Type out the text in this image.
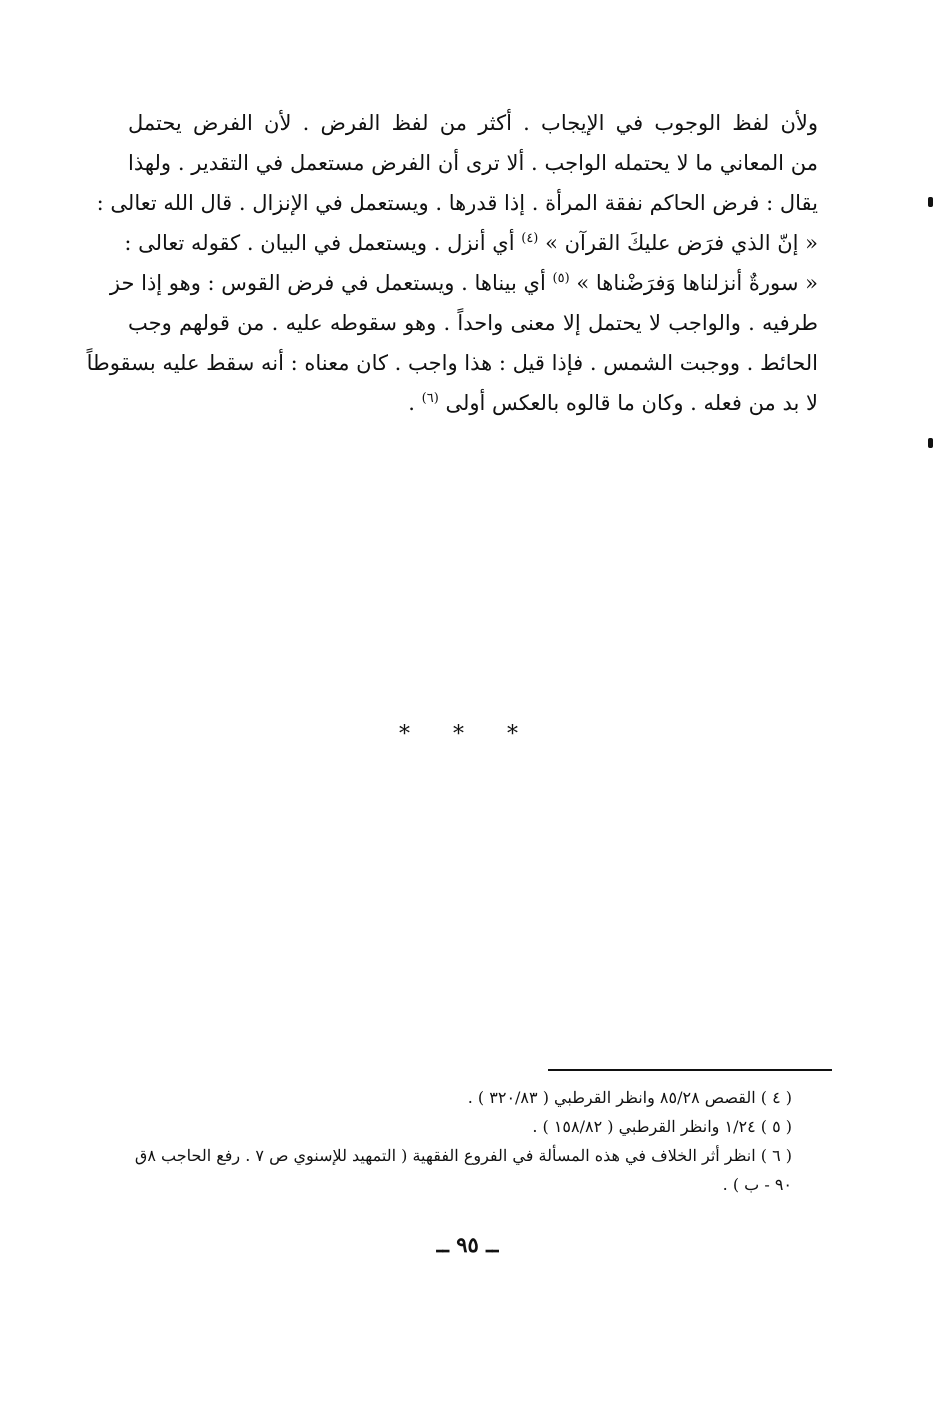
ولأن لفظ الوجوب في الإيجاب . أكثر من لفظ الفرض . لأن الفرض يحتمل
من المعاني ما لا يحتمله الواجب . ألا ترى أن الفرض مستعمل في التقدير . ولهذا
يقال : فرض الحاكم نفقة المرأة . إذا قدرها . ويستعمل في الإنزال . قال الله تعالى :
« إنّ الذي فرَض عليكَ القرآن » $^{(٤)}$ أي أنزل . ويستعمل في البيان . كقوله تعالى :
« سورةٌ أنزلناها وَفرَضْناها » $^{(٥)}$ أي بيناها . ويستعمل في فرض القوس : وهو إذا حز
طرفيه . والواجب لا يحتمل إلا معنى واحداً . وهو سقوطه عليه . من قولهم وجب
الحائط . ووجبت الشمس . فإذا قيل : هذا واجب . كان معناه : أنه سقط عليه بسقوطاً
لا بد من فعله . وكان ما قالوه بالعكس أولى $^{(٦)}$ .
* * *
( ٤ ) القصص ٨٥/٢٨ وانظر القرطبي ( ٣٢٠/٨٣ ) .
( ٥ ) ١/٢٤ وانظر القرطبي ( ١٥٨/٨٢ ) .
( ٦ ) انظر أثر الخلاف في هذه المسألة في الفروع الفقهية ( التمهيد للإسنوي ص ٧ . رفع الحاجب ٨ق
٩٠ - ب ) .
ــ ٩٥ ــ
